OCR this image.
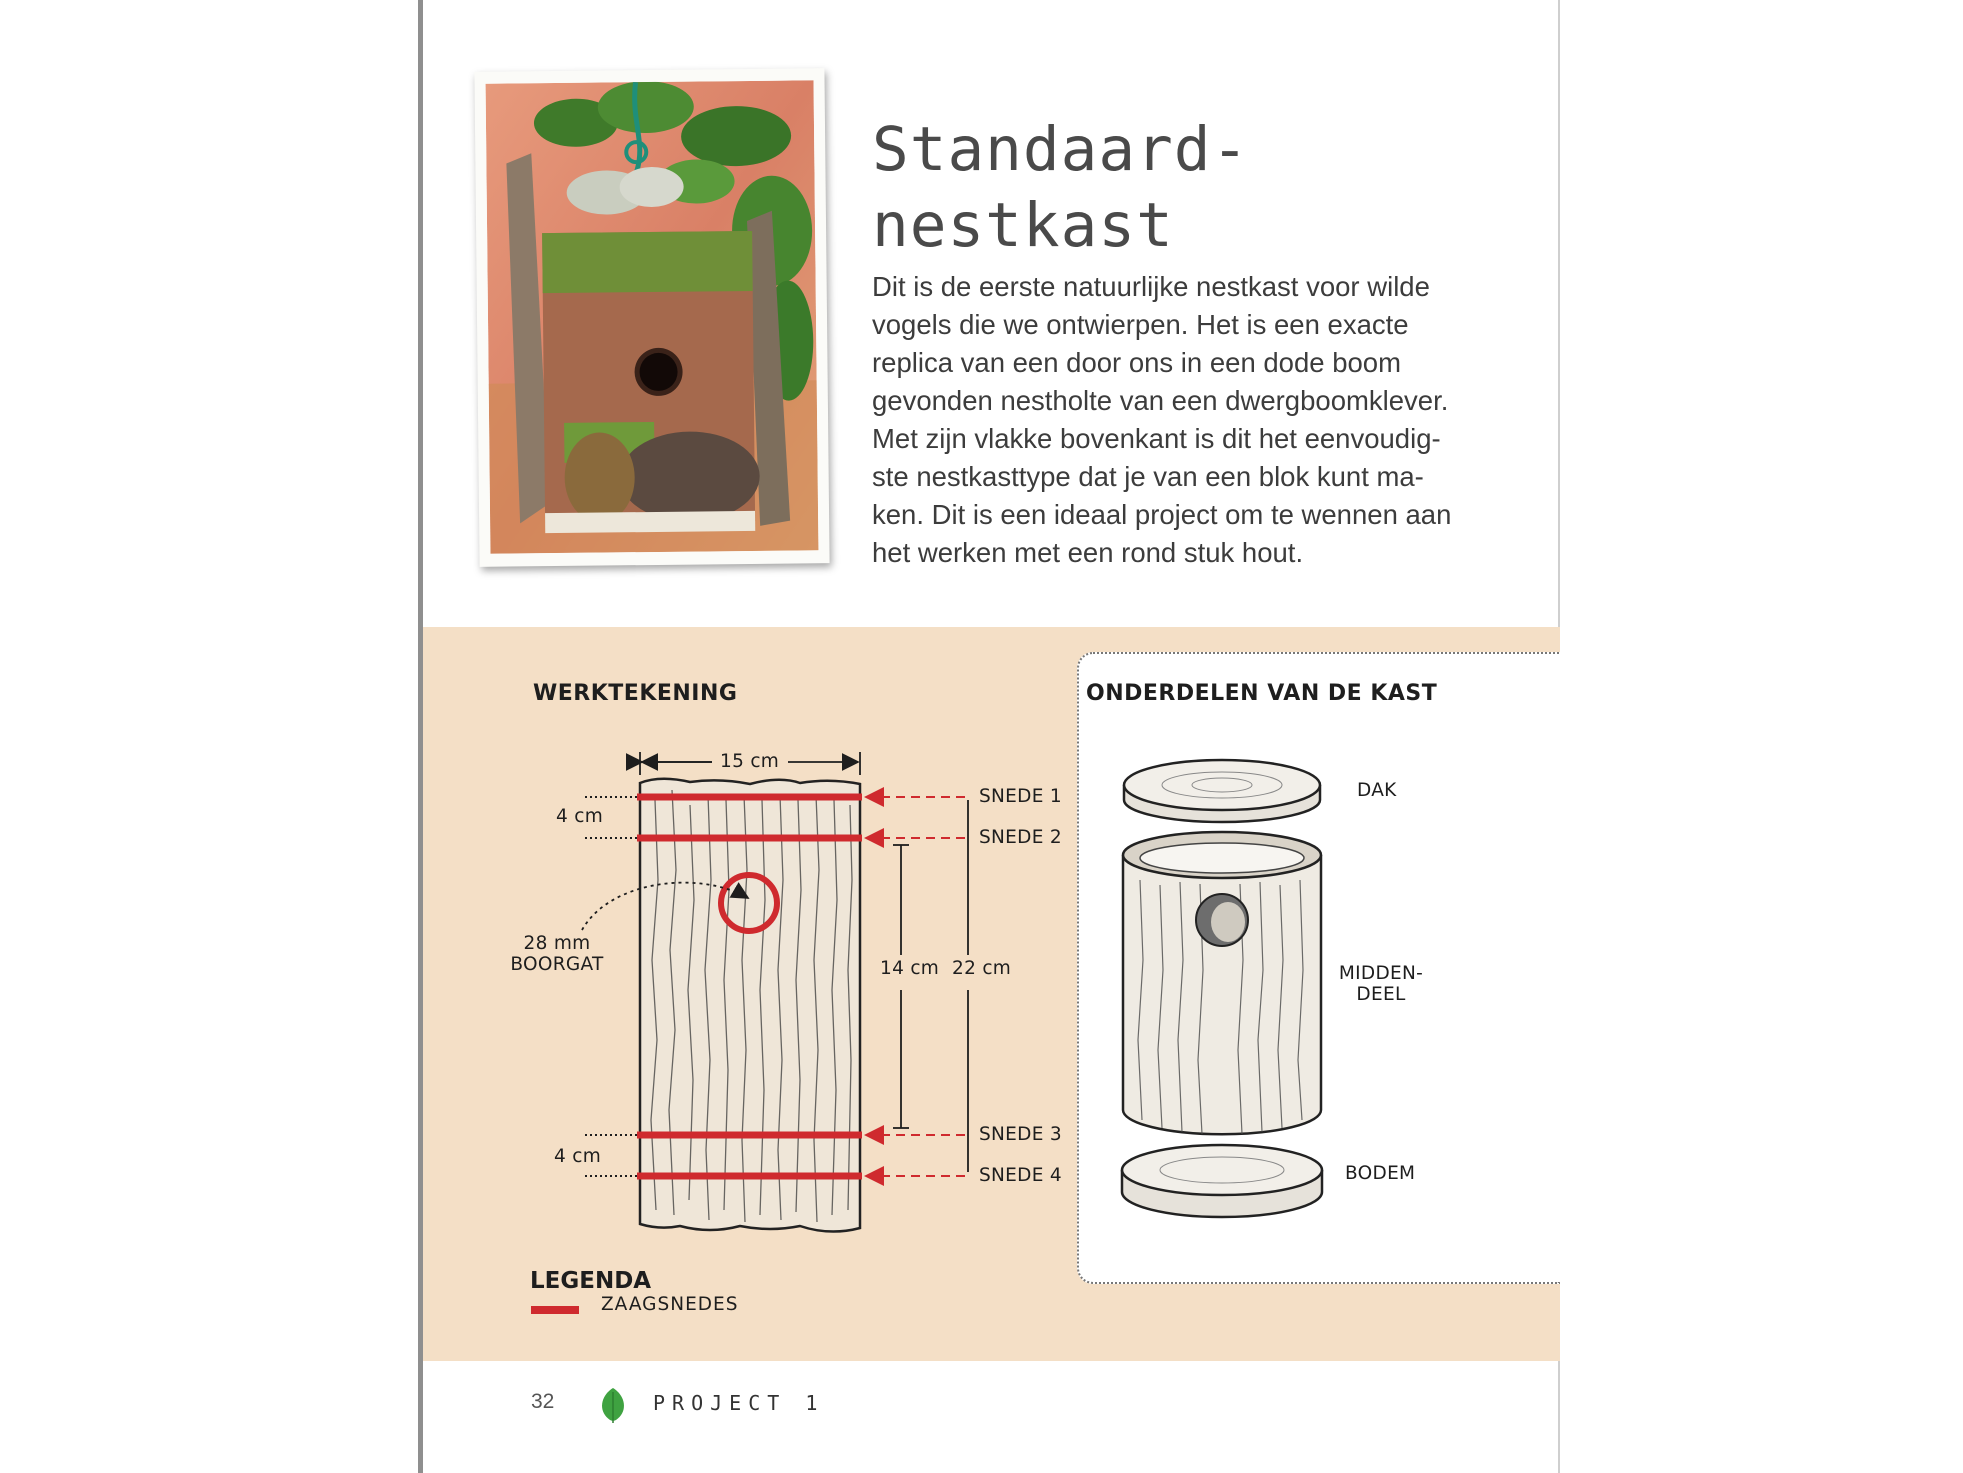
Standaard-
nestkast

Dit is de eerste natuurlijke nestkast voor wilde
vogels die we ontwierpen. Het is een exacte
replica van een door ons in een dode boom
gevonden nestholte van een dwergboomklever.
Met zijn vlakke bovenkant is dit het eenvoudig-
ste nestkasttype dat je van een blok kunt ma-
ken. Dit is een ideaal project om te wennen aan
het werken met een rond stuk hout.

WERKTEKENING	ONDERDELEN VAN DE KAST
15 cm
4 cm
4 cm
28 mm
BOORGAT	14 cm 22 cm
SNEDE 1
SNEDE 2
SNEDE 3
SNEDE 4
DAK
MIDDEN-
DEEL
BODEM
LEGENDA
ZAAGSNEDES
32	PROJECT 1
